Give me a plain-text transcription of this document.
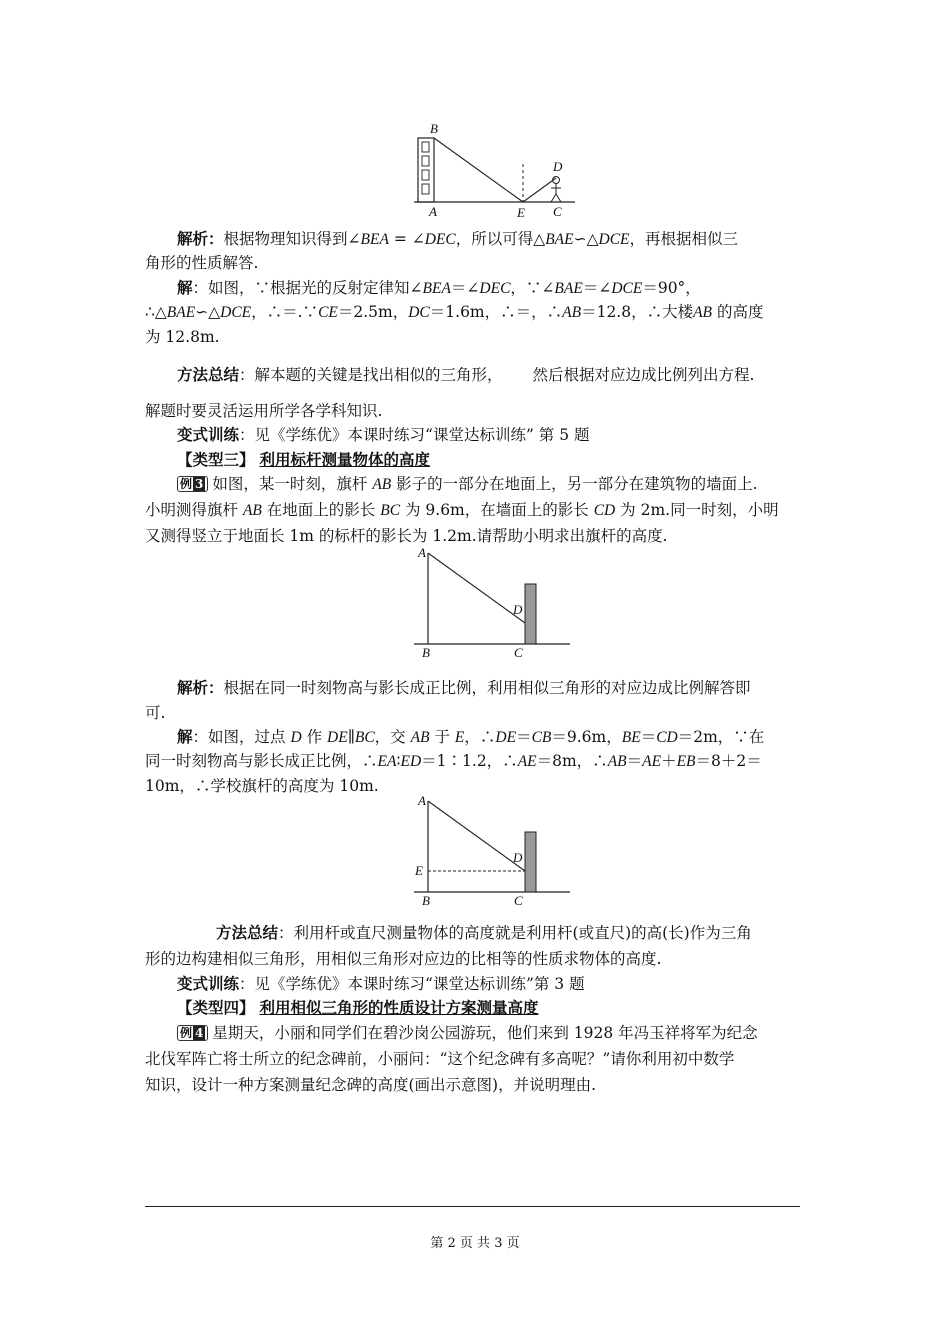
B
A	E
D
C
解析：根据物理知识得到∠BEA = ∠DEC，所以可得△BAE∽△DCE，再根据相似三
角形的性质解答.
解：如图，∵根据光的反射定律知∠BEA＝∠DEC，∵∠BAE＝∠DCE＝90°，
∴△BAE∽△DCE，∴＝.∵CE＝2.5m，DC＝1.6m，∴＝，∴AB＝12.8，∴大楼AB 的高度
为 12.8m.
方法总结：解本题的关键是找出相似的三角形， 然后根据对应边成比例列出方程.
解题时要灵活运用所学各学科知识.
变式训练：见《学练优》本课时练习“课堂达标训练” 第 5 题
【类型三】 利用标杆测量物体的高度
例 3 如图，某一时刻，旗杆 AB 影子的一部分在地面上，另一部分在建筑物的墙面上.
小明测得旗杆 AB 在地面上的影长 BC 为 9.6m，在墙面上的影长 CD 为 2m.同一时刻，小明
又测得竖立于地面长 1m 的标杆的影长为 1.2m.请帮助小明求出旗杆的高度.
A
D
B	C
解析：根据在同一时刻物高与影长成正比例，利用相似三角形的对应边成比例解答即
可.
解：如图，过点 D 作 DE∥BC，交 AB 于 E，∴DE＝CB＝9.6m，BE＝CD＝2m，∵在
同一时刻物高与影长成正比例，∴EA∶ED＝1∶1.2，∴AE＝8m，∴AB＝AE＋EB＝8＋2＝
10m，∴学校旗杆的高度为 10m.
A
E
D
B	C
方法总结：利用杆或直尺测量物体的高度就是利用杆(或直尺)的高(长)作为三角
形的边构建相似三角形，用相似三角形对应边的比相等的性质求物体的高度.
变式训练：见《学练优》本课时练习“课堂达标训练”第 3 题
【类型四】 利用相似三角形的性质设计方案测量高度
例 4 星期天，小丽和同学们在碧沙岗公园游玩，他们来到 1928 年冯玉祥将军为纪念
北伐军阵亡将士所立的纪念碑前，小丽问：“这个纪念碑有多高呢？”请你利用初中数学
知识，设计一种方案测量纪念碑的高度(画出示意图)，并说明理由.
第 2 页 共 3 页
